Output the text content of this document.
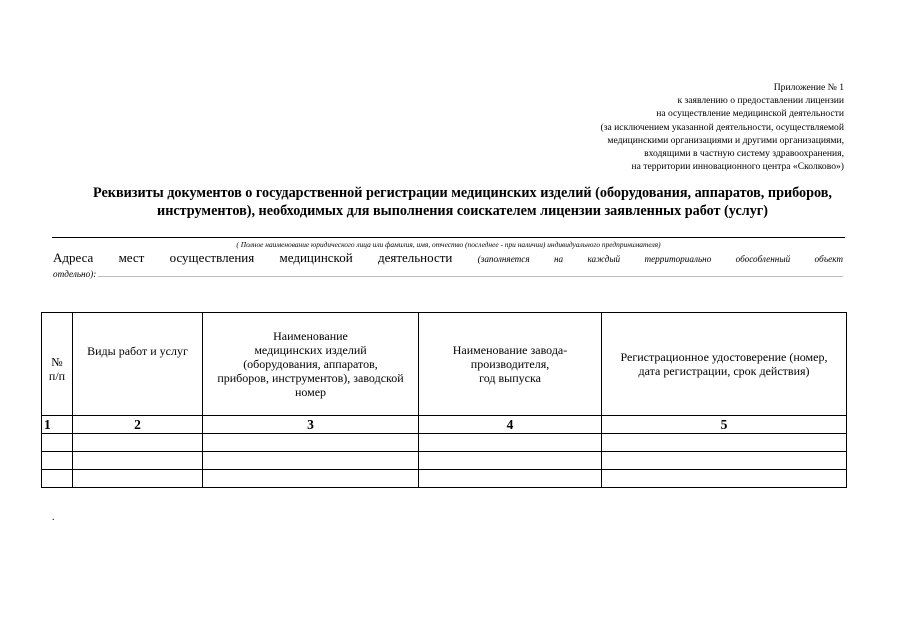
Приложение № 1
к заявлению о предоставлении лицензии
на осуществление медицинской деятельности
(за исключением указанной деятельности, осуществляемой
медицинскими организациями и другими организациями,
входящими в частную систему здравоохранения,
на территории инновационного центра «Сколково»)
Реквизиты документов о государственной регистрации медицинских изделий (оборудования, аппаратов, приборов,
инструментов), необходимых для выполнения соискателем лицензии заявленных работ (услуг)
( Полное наименование юридического лица или фамилия, имя, отчество (последнее - при наличии) индивидуального предпринимателя)
Адреса мест осуществления медицинской деятельности	(заполняется на каждый территориально обособленный объект
отдельно):
№
п/п	Виды работ и услуг	Наименование
медицинских изделий
(оборудования, аппаратов,
приборов, инструментов), заводской
номер	Наименование завода-
производителя,
год выпуска	Регистрационное удостоверение (номер,
дата регистрации, срок действия)

1	2	3	4	5

.
